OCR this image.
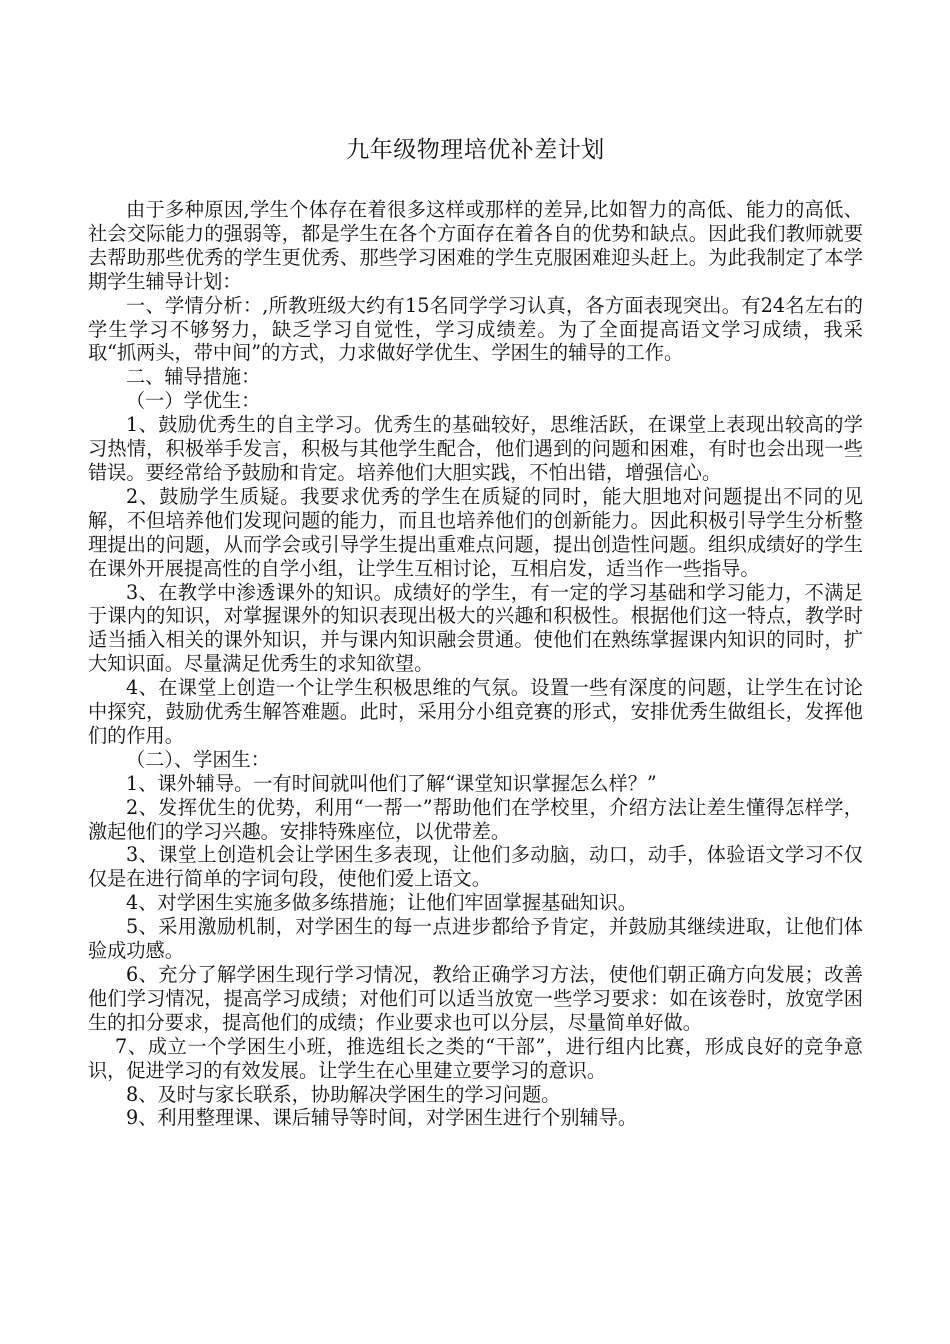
九年级物理培优补差计划

由于多种原因,学生个体存在着很多这样或那样的差异,比如智力的高低、能力的高低、社会交际能力的强弱等，都是学生在各个方面存在着各自的优势和缺点。因此我们教师就要去帮助那些优秀的学生更优秀、那些学习困难的学生克服困难迎头赶上。为此我制定了本学期学生辅导计划：

一、学情分析：,所教班级大约有15名同学学习认真，各方面表现突出。有24名左右的学生学习不够努力，缺乏学习自觉性，学习成绩差。为了全面提高语文学习成绩，我采取“抓两头，带中间”的方式，力求做好学优生、学困生的辅导的工作。

二、辅导措施：

（一）学优生：

1、鼓励优秀生的自主学习。优秀生的基础较好，思维活跃，在课堂上表现出较高的学习热情，积极举手发言，积极与其他学生配合，他们遇到的问题和困难，有时也会出现一些错误。要经常给予鼓励和肯定。培养他们大胆实践，不怕出错，增强信心。

2、鼓励学生质疑。我要求优秀的学生在质疑的同时，能大胆地对问题提出不同的见解，不但培养他们发现问题的能力，而且也培养他们的创新能力。因此积极引导学生分析整理提出的问题，从而学会或引导学生提出重难点问题，提出创造性问题。组织成绩好的学生在课外开展提高性的自学小组，让学生互相讨论，互相启发，适当作一些指导。

3、在教学中渗透课外的知识。成绩好的学生，有一定的学习基础和学习能力，不满足于课内的知识，对掌握课外的知识表现出极大的兴趣和积极性。根据他们这一特点，教学时适当插入相关的课外知识，并与课内知识融会贯通。使他们在熟练掌握课内知识的同时，扩大知识面。尽量满足优秀生的求知欲望。

4、在课堂上创造一个让学生积极思维的气氛。设置一些有深度的问题，让学生在讨论中探究，鼓励优秀生解答难题。此时，采用分小组竞赛的形式，安排优秀生做组长，发挥他们的作用。

（二）、学困生：

1、课外辅导。一有时间就叫他们了解“课堂知识掌握怎么样？”

2、发挥优生的优势，利用“一帮一”帮助他们在学校里，介绍方法让差生懂得怎样学，激起他们的学习兴趣。安排特殊座位，以优带差。

3、课堂上创造机会让学困生多表现，让他们多动脑，动口，动手，体验语文学习不仅仅是在进行简单的字词句段，使他们爱上语文。

4、对学困生实施多做多练措施；让他们牢固掌握基础知识。

5、采用激励机制，对学困生的每一点进步都给予肯定，并鼓励其继续进取，让他们体验成功感。

6、充分了解学困生现行学习情况，教给正确学习方法，使他们朝正确方向发展；改善他们学习情况，提高学习成绩；对他们可以适当放宽一些学习要求：如在该卷时，放宽学困生的扣分要求，提高他们的成绩；作业要求也可以分层，尽量简单好做。

7、成立一个学困生小班，推选组长之类的“干部”，进行组内比赛，形成良好的竞争意识，促进学习的有效发展。让学生在心里建立要学习的意识。

8、及时与家长联系，协助解决学困生的学习问题。

9、利用整理课、课后辅导等时间，对学困生进行个别辅导。
